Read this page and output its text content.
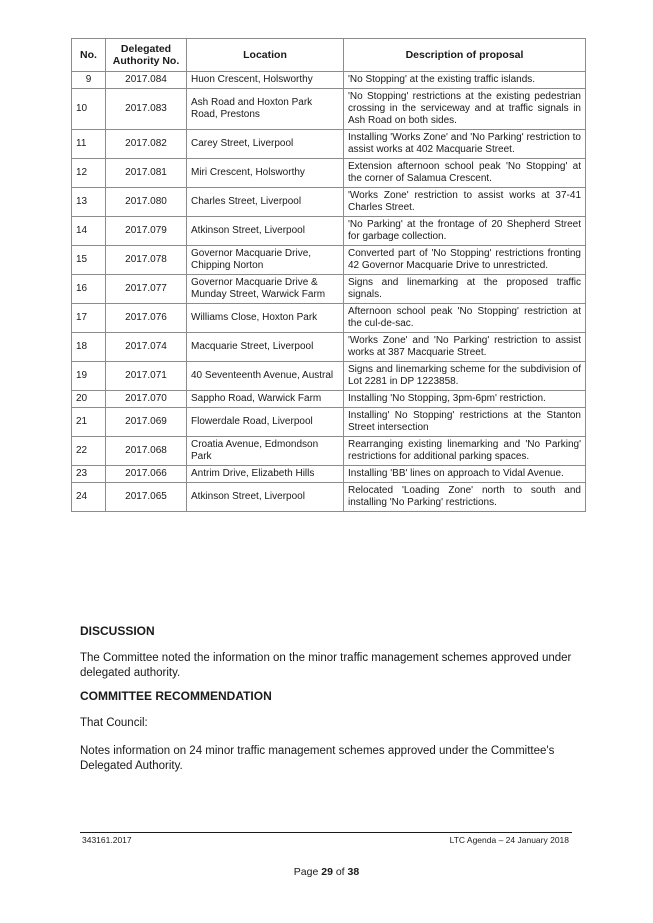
No.	Delegated Authority No.	Location	Description of proposal
9	2017.084	Huon Crescent, Holsworthy	'No Stopping' at the existing traffic islands.
10	2017.083	Ash Road and Hoxton Park Road, Prestons	'No Stopping' restrictions at the existing pedestrian crossing in the serviceway and at traffic signals in Ash Road on both sides.
11	2017.082	Carey Street, Liverpool	Installing 'Works Zone' and 'No Parking' restriction to assist works at 402 Macquarie Street.
12	2017.081	Miri Crescent, Holsworthy	Extension afternoon school peak 'No Stopping' at the corner of Salamua Crescent.
13	2017.080	Charles Street, Liverpool	'Works Zone' restriction to assist works at 37-41 Charles Street.
14	2017.079	Atkinson Street, Liverpool	'No Parking' at the frontage of 20 Shepherd Street for garbage collection.
15	2017.078	Governor Macquarie Drive, Chipping Norton	Converted part of 'No Stopping' restrictions fronting 42 Governor Macquarie Drive to unrestricted.
16	2017.077	Governor Macquarie Drive & Munday Street, Warwick Farm	Signs and linemarking at the proposed traffic signals.
17	2017.076	Williams Close, Hoxton Park	Afternoon school peak 'No Stopping' restriction at the cul-de-sac.
18	2017.074	Macquarie Street, Liverpool	'Works Zone' and 'No Parking' restriction to assist works at 387 Macquarie Street.
19	2017.071	40 Seventeenth Avenue, Austral	Signs and linemarking scheme for the subdivision of Lot 2281 in DP 1223858.
20	2017.070	Sappho Road, Warwick Farm	Installing 'No Stopping, 3pm-6pm' restriction.
21	2017.069	Flowerdale Road, Liverpool	Installing' No Stopping' restrictions at the Stanton Street intersection
22	2017.068	Croatia Avenue, Edmondson Park	Rearranging existing linemarking and 'No Parking' restrictions for additional parking spaces.
23	2017.066	Antrim Drive, Elizabeth Hills	Installing 'BB' lines on approach to Vidal Avenue.
24	2017.065	Atkinson Street, Liverpool	Relocated 'Loading Zone' north to south and installing 'No Parking' restrictions.
DISCUSSION
The Committee noted the information on the minor traffic management schemes approved under delegated authority.
COMMITTEE RECOMMENDATION
That Council:
Notes information on 24 minor traffic management schemes approved under the Committee's Delegated Authority.
343161.2017	LTC Agenda – 24 January 2018
Page 29 of 38
